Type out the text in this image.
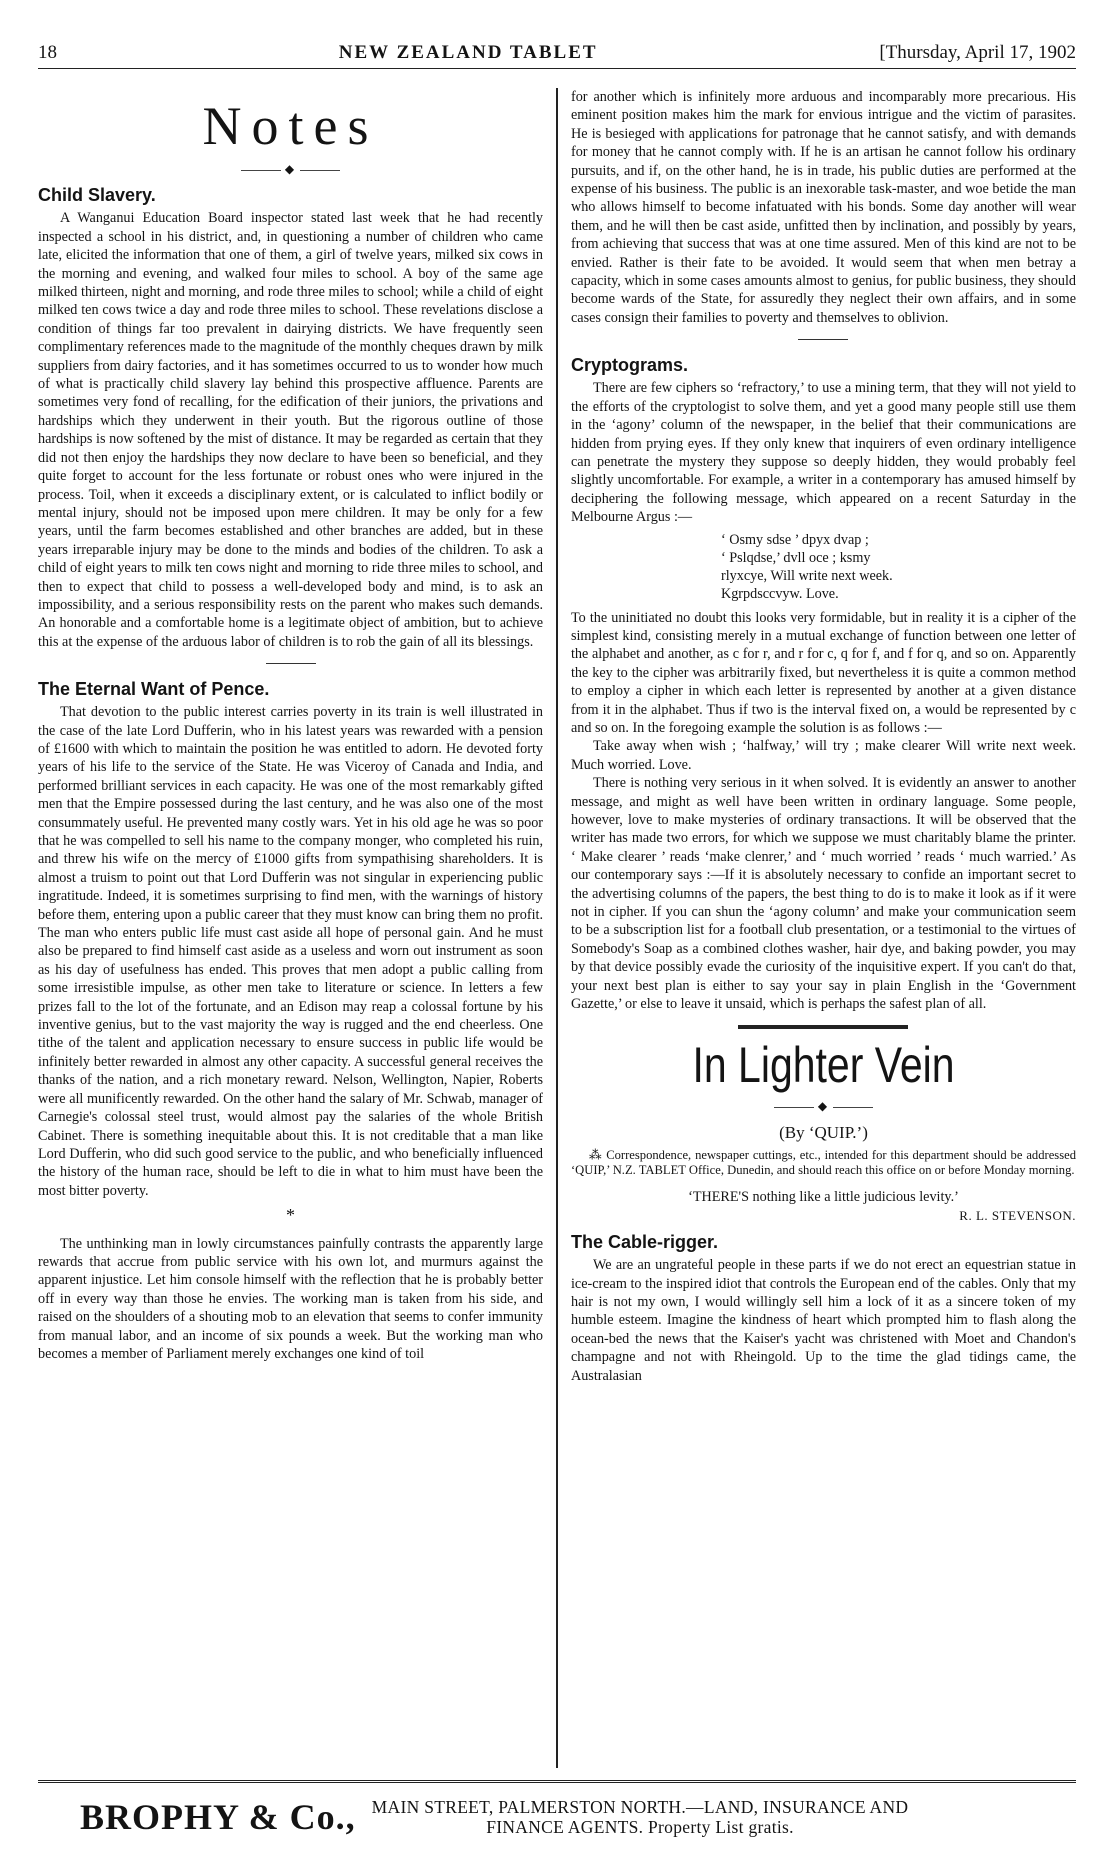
18	NEW ZEALAND TABLET	[Thursday, April 17, 1902
Notes
◆
Child Slavery.

A Wanganui Education Board inspector stated last week that he had recently inspected a school in his district, and, in questioning a number of children who came late, elicited the information that one of them, a girl of twelve years, milked six cows in the morning and evening, and walked four miles to school. A boy of the same age milked thirteen, night and morning, and rode three miles to school; while a child of eight milked ten cows twice a day and rode three miles to school. These revelations disclose a condition of things far too prevalent in dairying districts. We have frequently seen complimentary references made to the magnitude of the monthly cheques drawn by milk suppliers from dairy factories, and it has sometimes occurred to us to wonder how much of what is practically child slavery lay behind this prospective affluence. Parents are sometimes very fond of recalling, for the edification of their juniors, the privations and hardships which they underwent in their youth. But the rigorous outline of those hardships is now softened by the mist of distance. It may be regarded as certain that they did not then enjoy the hardships they now declare to have been so beneficial, and they quite forget to account for the less fortunate or robust ones who were injured in the process. Toil, when it exceeds a disciplinary extent, or is calculated to inflict bodily or mental injury, should not be imposed upon mere children. It may be only for a few years, until the farm becomes established and other branches are added, but in these years irreparable injury may be done to the minds and bodies of the children. To ask a child of eight years to milk ten cows night and morning to ride three miles to school, and then to expect that child to possess a well-developed body and mind, is to ask an impossibility, and a serious responsibility rests on the parent who makes such demands. An honorable and a comfortable home is a legitimate object of ambition, but to achieve this at the expense of the arduous labor of children is to rob the gain of all its blessings.

The Eternal Want of Pence.

That devotion to the public interest carries poverty in its train is well illustrated in the case of the late Lord Dufferin, who in his latest years was rewarded with a pension of £1600 with which to maintain the position he was entitled to adorn. He devoted forty years of his life to the service of the State. He was Viceroy of Canada and India, and performed brilliant services in each capacity. He was one of the most remarkably gifted men that the Empire possessed during the last century, and he was also one of the most consummately useful. He prevented many costly wars. Yet in his old age he was so poor that he was compelled to sell his name to the company monger, who completed his ruin, and threw his wife on the mercy of £1000 gifts from sympathising shareholders. It is almost a truism to point out that Lord Dufferin was not singular in experiencing public ingratitude. Indeed, it is sometimes surprising to find men, with the warnings of history before them, entering upon a public career that they must know can bring them no profit. The man who enters public life must cast aside all hope of personal gain. And he must also be prepared to find himself cast aside as a useless and worn out instrument as soon as his day of usefulness has ended. This proves that men adopt a public calling from some irresistible impulse, as other men take to literature or science. In letters a few prizes fall to the lot of the fortunate, and an Edison may reap a colossal fortune by his inventive genius, but to the vast majority the way is rugged and the end cheerless. One tithe of the talent and application necessary to ensure success in public life would be infinitely better rewarded in almost any other capacity. A successful general receives the thanks of the nation, and a rich monetary reward. Nelson, Wellington, Napier, Roberts were all munificently rewarded. On the other hand the salary of Mr. Schwab, manager of Carnegie's colossal steel trust, would almost pay the salaries of the whole British Cabinet. There is something inequitable about this. It is not creditable that a man like Lord Dufferin, who did such good service to the public, and who beneficially influenced the history of the human race, should be left to die in what to him must have been the most bitter poverty.

*

The unthinking man in lowly circumstances painfully contrasts the apparently large rewards that accrue from public service with his own lot, and murmurs against the apparent injustice. Let him console himself with the reflection that he is probably better off in every way than those he envies. The working man is taken from his side, and raised on the shoulders of a shouting mob to an elevation that seems to confer immunity from manual labor, and an income of six pounds a week. But the working man who becomes a member of Parliament merely exchanges one kind of toil

for another which is infinitely more arduous and incomparably more precarious. His eminent position makes him the mark for envious intrigue and the victim of parasites. He is besieged with applications for patronage that he cannot satisfy, and with demands for money that he cannot comply with. If he is an artisan he cannot follow his ordinary pursuits, and if, on the other hand, he is in trade, his public duties are performed at the expense of his business. The public is an inexorable task-master, and woe betide the man who allows himself to become infatuated with his bonds. Some day another will wear them, and he will then be cast aside, unfitted then by inclination, and possibly by years, from achieving that success that was at one time assured. Men of this kind are not to be envied. Rather is their fate to be avoided. It would seem that when men betray a capacity, which in some cases amounts almost to genius, for public business, they should become wards of the State, for assuredly they neglect their own affairs, and in some cases consign their families to poverty and themselves to oblivion.

Cryptograms.

There are few ciphers so ‘refractory,’ to use a mining term, that they will not yield to the efforts of the cryptologist to solve them, and yet a good many people still use them in the ‘agony’ column of the newspaper, in the belief that their communications are hidden from prying eyes. If they only knew that inquirers of even ordinary intelligence can penetrate the mystery they suppose so deeply hidden, they would probably feel slightly uncomfortable. For example, a writer in a contemporary has amused himself by deciphering the following message, which appeared on a recent Saturday in the Melbourne Argus :—

‘ Osmy sdse ’ dpyx dvap ;
‘ Pslqdse,’ dvll oce ; ksmy
rlyxcye, Will write next week.
Kgrpdsccvyw. Love.

To the uninitiated no doubt this looks very formidable, but in reality it is a cipher of the simplest kind, consisting merely in a mutual exchange of function between one letter of the alphabet and another, as c for r, and r for c, q for f, and f for q, and so on. Apparently the key to the cipher was arbitrarily fixed, but nevertheless it is quite a common method to employ a cipher in which each letter is represented by another at a given distance from it in the alphabet. Thus if two is the interval fixed on, a would be represented by c and so on. In the foregoing example the solution is as follows :—

Take away when wish ; ‘halfway,’ will try ; make clearer Will write next week. Much worried. Love.

There is nothing very serious in it when solved. It is evidently an answer to another message, and might as well have been written in ordinary language. Some people, however, love to make mysteries of ordinary transactions. It will be observed that the writer has made two errors, for which we suppose we must charitably blame the printer. ‘ Make clearer ’ reads ‘make clenrer,’ and ‘ much worried ’ reads ‘ much warried.’ As our contemporary says :—If it is absolutely necessary to confide an important secret to the advertising columns of the papers, the best thing to do is to make it look as if it were not in cipher. If you can shun the ‘agony column’ and make your communication seem to be a subscription list for a football club presentation, or a testimonial to the virtues of Somebody's Soap as a combined clothes washer, hair dye, and baking powder, you may by that device possibly evade the curiosity of the inquisitive expert. If you can't do that, your next best plan is either to say your say in plain English in the ‘Government Gazette,’ or else to leave it unsaid, which is perhaps the safest plan of all.

In Lighter Vein
◆
(By ‘QUIP.’)

⁂ Correspondence, newspaper cuttings, etc., intended for this department should be addressed ‘QUIP,’ N.Z. TABLET Office, Dunedin, and should reach this office on or before Monday morning.

‘THERE'S nothing like a little judicious levity.’

R. L. STEVENSON.

The Cable-rigger.

We are an ungrateful people in these parts if we do not erect an equestrian statue in ice-cream to the inspired idiot that controls the European end of the cables. Only that my hair is not my own, I would willingly sell him a lock of it as a sincere token of my humble esteem. Imagine the kindness of heart which prompted him to flash along the ocean-bed the news that the Kaiser's yacht was christened with Moet and Chandon's champagne and not with Rheingold. Up to the time the glad tidings came, the Australasian

BROPHY & Co., MAIN STREET, PALMERSTON NORTH.—LAND, INSURANCE AND
FINANCE AGENTS. Property List gratis.
